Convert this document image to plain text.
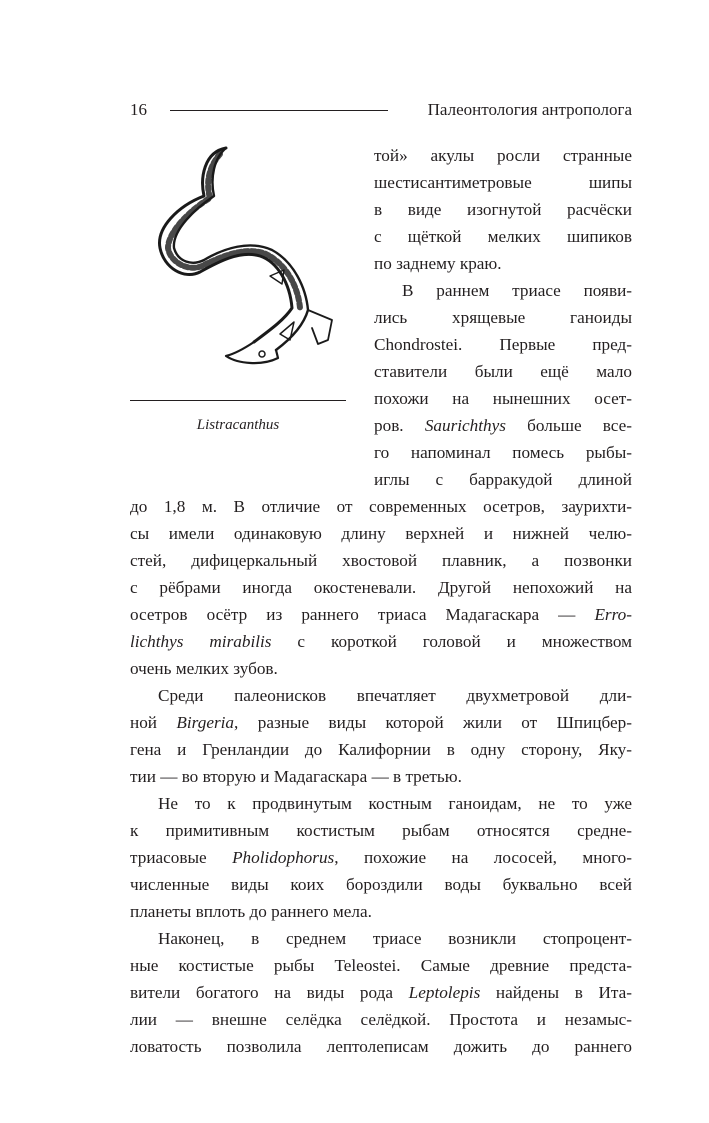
16	Палеонтология антрополога
Listracanthus
той» акулы росли странные
шестисантиметровые шипы
в виде изогнутой расчёски
с щёткой мелких шипиков
по заднему краю.
В раннем триасе появи-
лись хрящевые ганоиды
Chondrostei. Первые пред-
ставители были ещё мало
похожи на нынешних осет-
ров. Saurichthys больше все-
го напоминал помесь рыбы-
иглы с барракудой длиной
до 1,8 м. В отличие от современных осетров, заурихти-
сы имели одинаковую длину верхней и нижней челю-
стей, дифицеркальный хвостовой плавник, а позвонки
с рёбрами иногда окостеневали. Другой непохожий на
осетров осётр из раннего триаса Мадагаскара — Erro-
lichthys mirabilis с короткой головой и множеством
очень мелких зубов.
Среди палеонисков впечатляет двухметровой дли-
ной Birgeria, разные виды которой жили от Шпицбер-
гена и Гренландии до Калифорнии в одну сторону, Яку-
тии — во вторую и Мадагаскара — в третью.
Не то к продвинутым костным ганоидам, не то уже
к примитивным костистым рыбам относятся средне-
триасовые Pholidophorus, похожие на лососей, много-
численные виды коих бороздили воды буквально всей
планеты вплоть до раннего мела.
Наконец, в среднем триасе возникли стопроцент-
ные костистые рыбы Teleostei. Самые древние предста-
вители богатого на виды рода Leptolepis найдены в Ита-
лии — внешне селёдка селёдкой. Простота и незамыс-
ловатость позволила лептолеписам дожить до раннего
